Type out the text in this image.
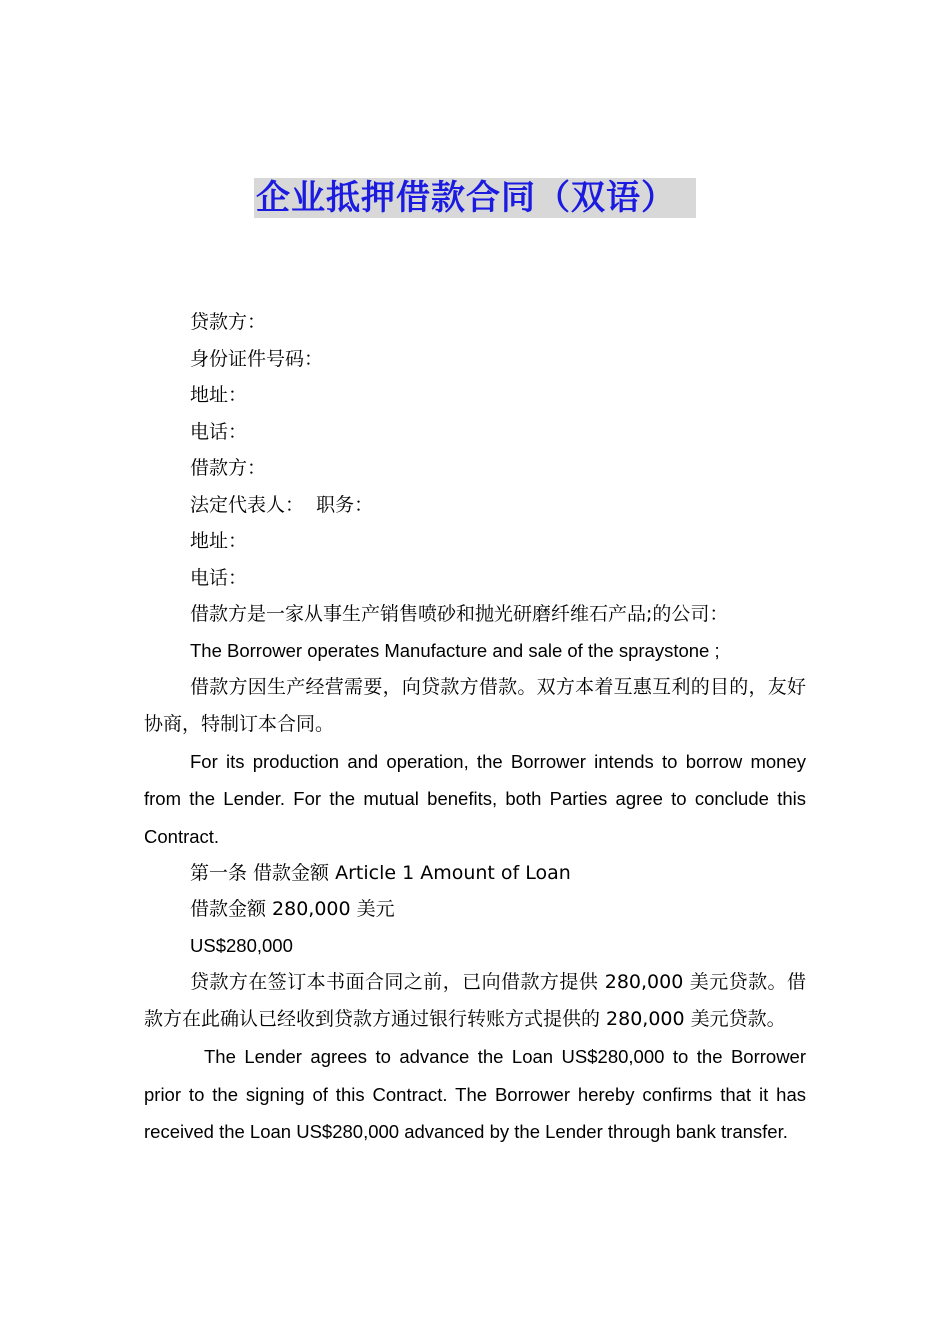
企业抵押借款合同（双语）
贷款方：
身份证件号码：
地址：
电话：
借款方：
法定代表人：  职务：
地址：
电话：
借款方是一家从事生产销售喷砂和抛光研磨纤维石产品;的公司：
The Borrower operates Manufacture and sale of the spraystone ;
借款方因生产经营需要，向贷款方借款。双方本着互惠互利的目的，友好协商，特制订本合同。
For its production and operation, the Borrower intends to borrow money from the Lender. For the mutual benefits, both Parties agree to conclude this Contract.
第一条 借款金额 Article 1 Amount of Loan
借款金额 280,000 美元
US$280,000
贷款方在签订本书面合同之前，已向借款方提供 280,000 美元贷款。借款方在此确认已经收到贷款方通过银行转账方式提供的 280,000 美元贷款。
The Lender agrees to advance the Loan US$280,000 to the Borrower prior to the signing of this Contract. The Borrower hereby confirms that it has received the Loan US$280,000 advanced by the Lender through bank transfer.
